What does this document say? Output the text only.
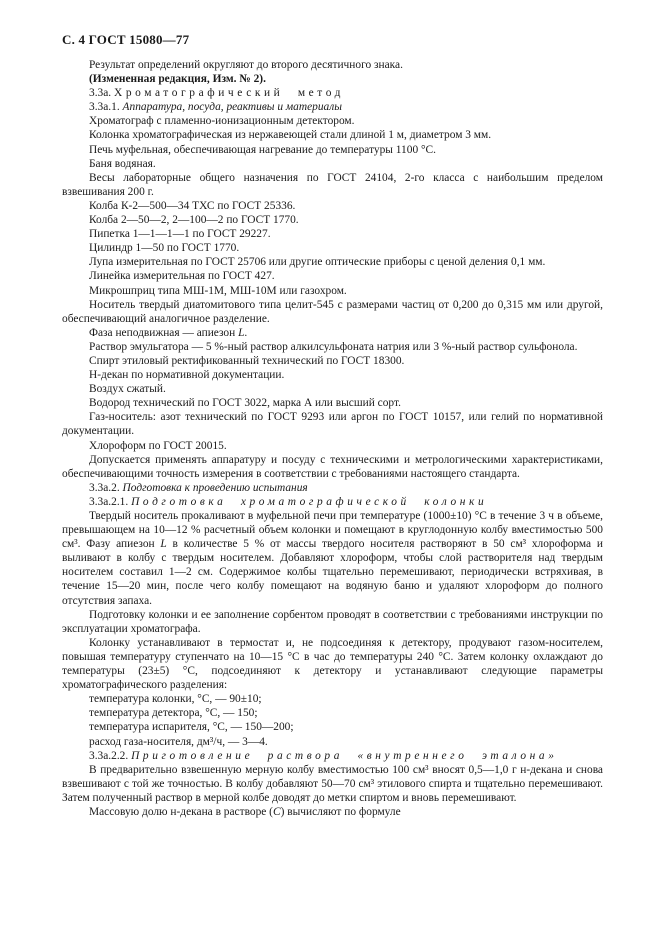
С. 4 ГОСТ 15080—77

Результат определений округляют до второго десятичного знака.

(Измененная редакция, Изм. № 2).

3.3а. Хроматографический метод

3.3а.1. Аппаратура, посуда, реактивы и материалы

Хроматограф с пламенно-ионизационным детектором.

Колонка хроматографическая из нержавеющей стали длиной 1 м, диаметром 3 мм.

Печь муфельная, обеспечивающая нагревание до температуры 1100 °С.

Баня водяная.

Весы лабораторные общего назначения по ГОСТ 24104, 2-го класса с наибольшим пределом взвешивания 200 г.

Колба К-2—500—34 ТХС по ГОСТ 25336.

Колба 2—50—2, 2—100—2 по ГОСТ 1770.

Пипетка 1—1—1—1 по ГОСТ 29227.

Цилиндр 1—50 по ГОСТ 1770.

Лупа измерительная по ГОСТ 25706 или другие оптические приборы с ценой деления 0,1 мм.

Линейка измерительная по ГОСТ 427.

Микрошприц типа МШ-1М, МШ-10М или газохром.

Носитель твердый диатомитового типа целит-545 с размерами частиц от 0,200 до 0,315 мм или другой, обеспечивающий аналогичное разделение.

Фаза неподвижная — апиезон L.

Раствор эмульгатора — 5 %-ный раствор алкилсульфоната натрия или 3 %-ный раствор сульфонола.

Спирт этиловый ректификованный технический по ГОСТ 18300.

Н-декан по нормативной документации.

Воздух сжатый.

Водород технический по ГОСТ 3022, марка А или высший сорт.

Газ-носитель: азот технический по ГОСТ 9293 или аргон по ГОСТ 10157, или гелий по нормативной документации.

Хлороформ по ГОСТ 20015.

Допускается применять аппаратуру и посуду с техническими и метрологическими характеристиками, обеспечивающими точность измерения в соответствии с требованиями настоящего стандарта.

3.3а.2. Подготовка к проведению испытания

3.3а.2.1. Подготовка хроматографической колонки

Твердый носитель прокаливают в муфельной печи при температуре (1000±10) °С в течение 3 ч в объеме, превышающем на 10—12 % расчетный объем колонки и помещают в круглодонную колбу вместимостью 500 см³. Фазу апиезон L в количестве 5 % от массы твердого носителя растворяют в 50 см³ хлороформа и выливают в колбу с твердым носителем. Добавляют хлороформ, чтобы слой растворителя над твердым носителем составил 1—2 см. Содержимое колбы тщательно перемешивают, периодически встряхивая, в течение 15—20 мин, после чего колбу помещают на водяную баню и удаляют хлороформ до полного отсутствия запаха.

Подготовку колонки и ее заполнение сорбентом проводят в соответствии с требованиями инструкции по эксплуатации хроматографа.

Колонку устанавливают в термостат и, не подсоединяя к детектору, продувают газом-носителем, повышая температуру ступенчато на 10—15 °С в час до температуры 240 °С. Затем колонку охлаждают до температуры (23±5) °С, подсоединяют к детектору и устанавливают следующие параметры хроматографического разделения:

температура колонки, °С, — 90±10;

температура детектора, °С, — 150;

температура испарителя, °С, — 150—200;

расход газа-носителя, дм³/ч, — 3—4.

3.3а.2.2. Приготовление раствора «внутреннего эталона»

В предварительно взвешенную мерную колбу вместимостью 100 см³ вносят 0,5—1,0 г н-декана и снова взвешивают с той же точностью. В колбу добавляют 50—70 см³ этилового спирта и тщательно перемешивают. Затем полученный раствор в мерной колбе доводят до метки спиртом и вновь перемешивают.

Массовую долю н-декана в растворе (С) вычисляют по формуле
